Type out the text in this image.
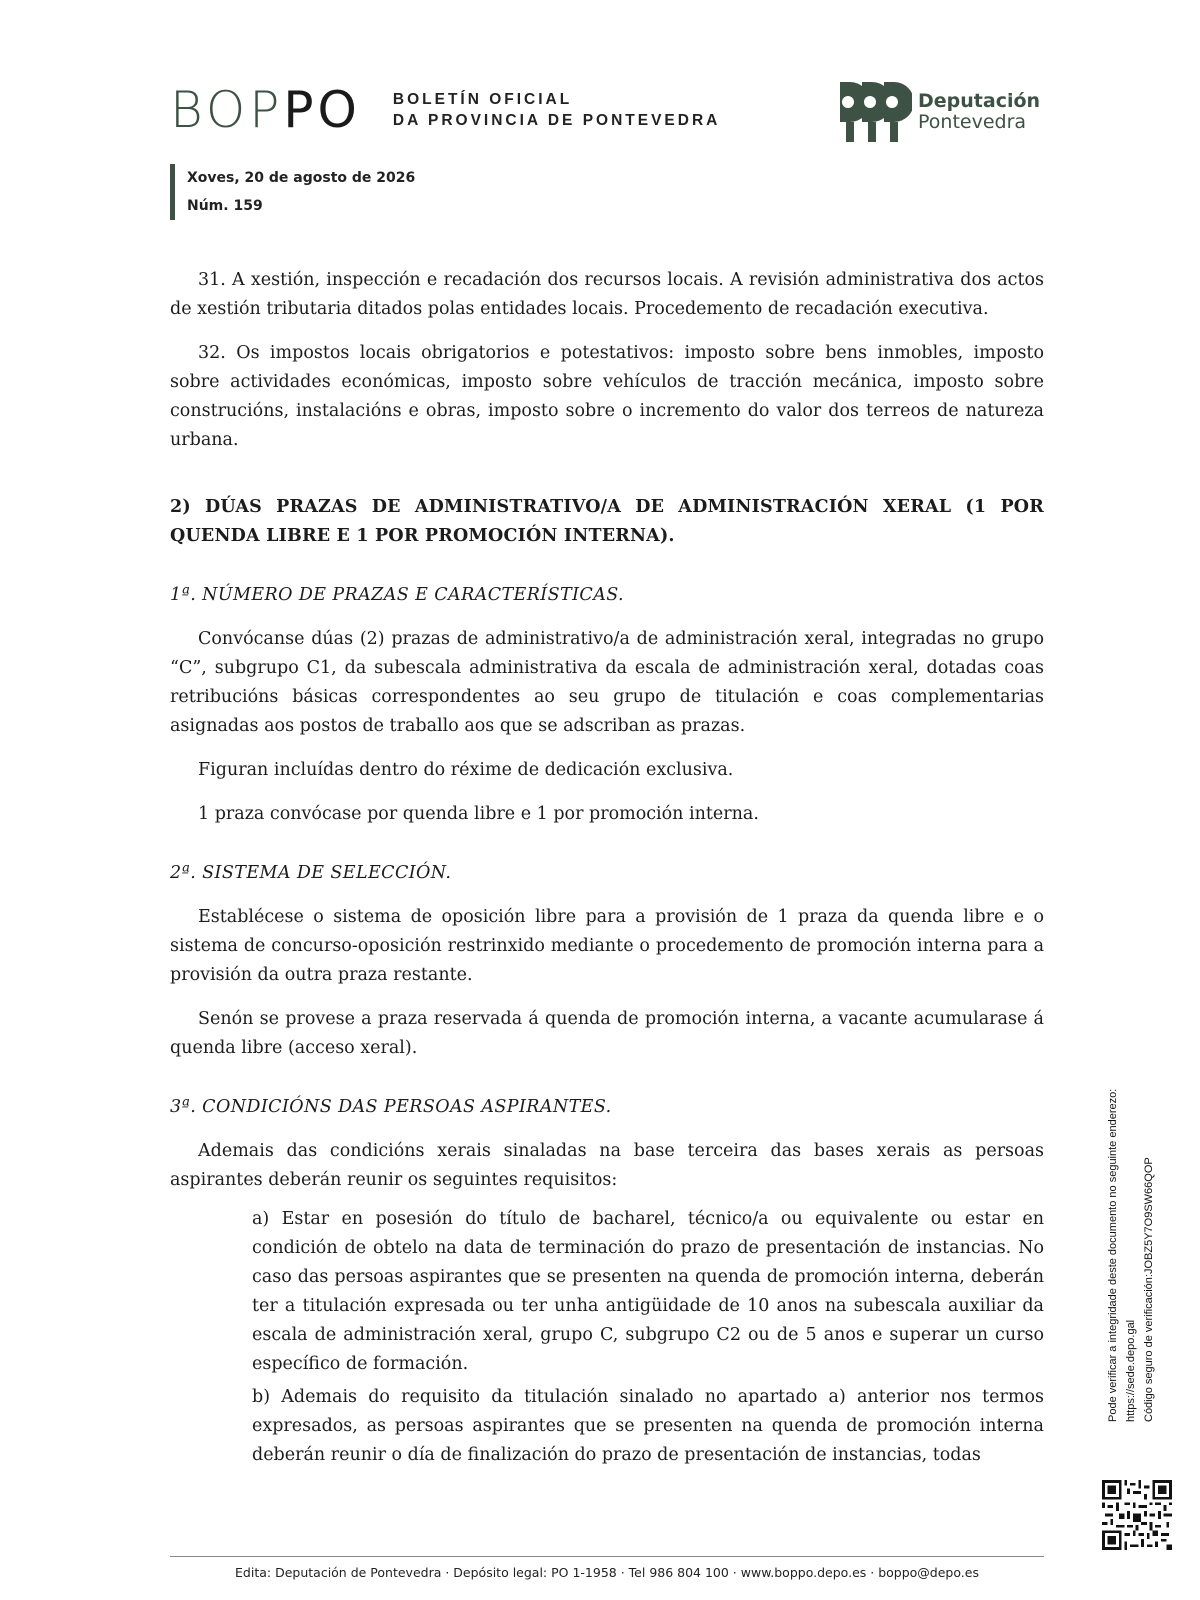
BOPPO BOLETÍN OFICIAL
DA PROVINCIA DE PONTEVEDRA
Deputación
Pontevedra
Xoves, 20 de agosto de 2026
Núm. 159

31. A xestión, inspección e recadación dos recursos locais. A revisión administrativa dos actos de xestión tributaria ditados polas entidades locais. Procedemento de recadación executiva.

32. Os impostos locais obrigatorios e potestativos: imposto sobre bens inmobles, imposto sobre actividades económicas, imposto sobre vehículos de tracción mecánica, imposto sobre construcións, instalacións e obras, imposto sobre o incremento do valor dos terreos de natureza urbana.

2) DÚAS PRAZAS DE ADMINISTRATIVO/A DE ADMINISTRACIÓN XERAL (1 POR QUENDA LIBRE E 1 POR PROMOCIÓN INTERNA).

1ª. NÚMERO DE PRAZAS E CARACTERÍSTICAS.

Convócanse dúas (2) prazas de administrativo/a de administración xeral, integradas no grupo “C”, subgrupo C1, da subescala administrativa da escala de administración xeral, dotadas coas retribucións básicas correspondentes ao seu grupo de titulación e coas complementarias asignadas aos postos de traballo aos que se adscriban as prazas.

Figuran incluídas dentro do réxime de dedicación exclusiva.

1 praza convócase por quenda libre e 1 por promoción interna.

2ª. SISTEMA DE SELECCIÓN.

Establécese o sistema de oposición libre para a provisión de 1 praza da quenda libre e o sistema de concurso-oposición restrinxido mediante o procedemento de promoción interna para a provisión da outra praza restante.

Senón se provese a praza reservada á quenda de promoción interna, a vacante acumularase á quenda libre (acceso xeral).

3ª. CONDICIÓNS DAS PERSOAS ASPIRANTES.

Ademais das condicións xerais sinaladas na base terceira das bases xerais as persoas aspirantes deberán reunir os seguintes requisitos:

a) Estar en posesión do título de bacharel, técnico/a ou equivalente ou estar en condición de obtelo na data de terminación do prazo de presentación de instancias. No caso das persoas aspirantes que se presenten na quenda de promoción interna, deberán ter a titulación expresada ou ter unha antigüidade de 10 anos na subescala auxiliar da escala de administración xeral, grupo C, subgrupo C2 ou de 5 anos e superar un curso específico de formación.

b) Ademais do requisito da titulación sinalado no apartado a) anterior nos termos expresados, as persoas aspirantes que se presenten na quenda de promoción interna deberán reunir o día de finalización do prazo de presentación de instancias, todas

Pode verificar a integridade deste documento no seguinte enderezo: https://sede.depo.gal Código seguro de verificación:JOBZ5Y7O9SW66QOP
Edita: Deputación de Pontevedra · Depósito legal: PO 1-1958 · Tel 986 804 100 · www.boppo.depo.es · boppo@depo.es
